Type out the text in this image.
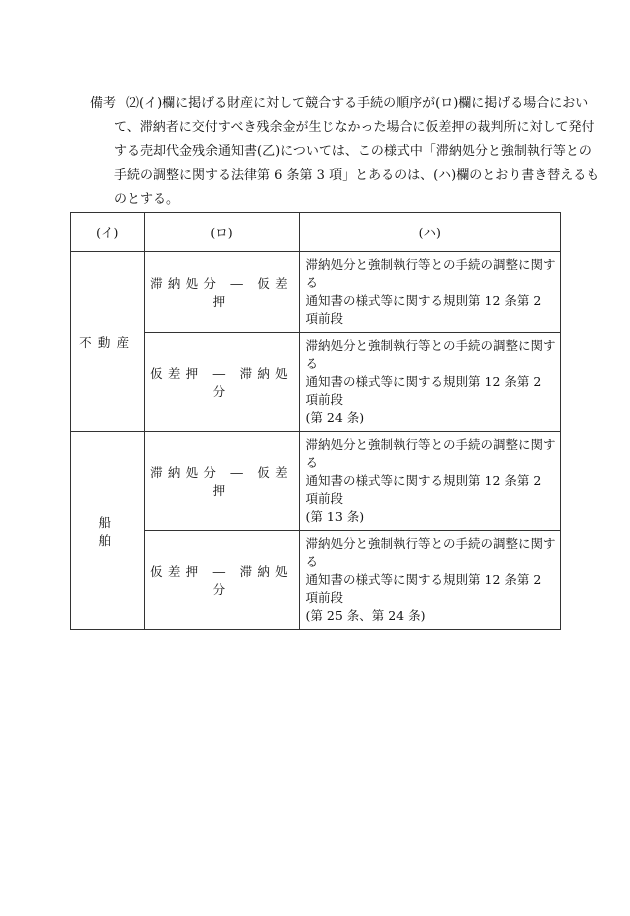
備考 ⑵(イ)欄に掲げる財産に対して競合する手続の順序が(ロ)欄に掲げる場合におい
て、滞納者に交付すべき残余金が生じなかった場合に仮差押の裁判所に対して発付
する売却代金残余通知書(乙)については、この様式中「滞納処分と強制執行等との
手続の調整に関する法律第 6 条第 3 項」とあるのは、(ハ)欄のとおり書き替えるも
のとする。
(イ)	(ロ)	(ハ)
不動産	滞納処分 ― 仮差押	滞納処分と強制執行等との手続の調整に関する
通知書の様式等に関する規則第 12 条第 2 項前段

	仮差押 ― 滞納処分	滞納処分と強制執行等との手続の調整に関する
通知書の様式等に関する規則第 12 条第 2 項前段
(第 24 条)

船舶	滞納処分 ― 仮差押	滞納処分と強制執行等との手続の調整に関する
通知書の様式等に関する規則第 12 条第 2 項前段
(第 13 条)

	仮差押 ― 滞納処分	滞納処分と強制執行等との手続の調整に関する
通知書の様式等に関する規則第 12 条第 2 項前段
(第 25 条、第 24 条)
